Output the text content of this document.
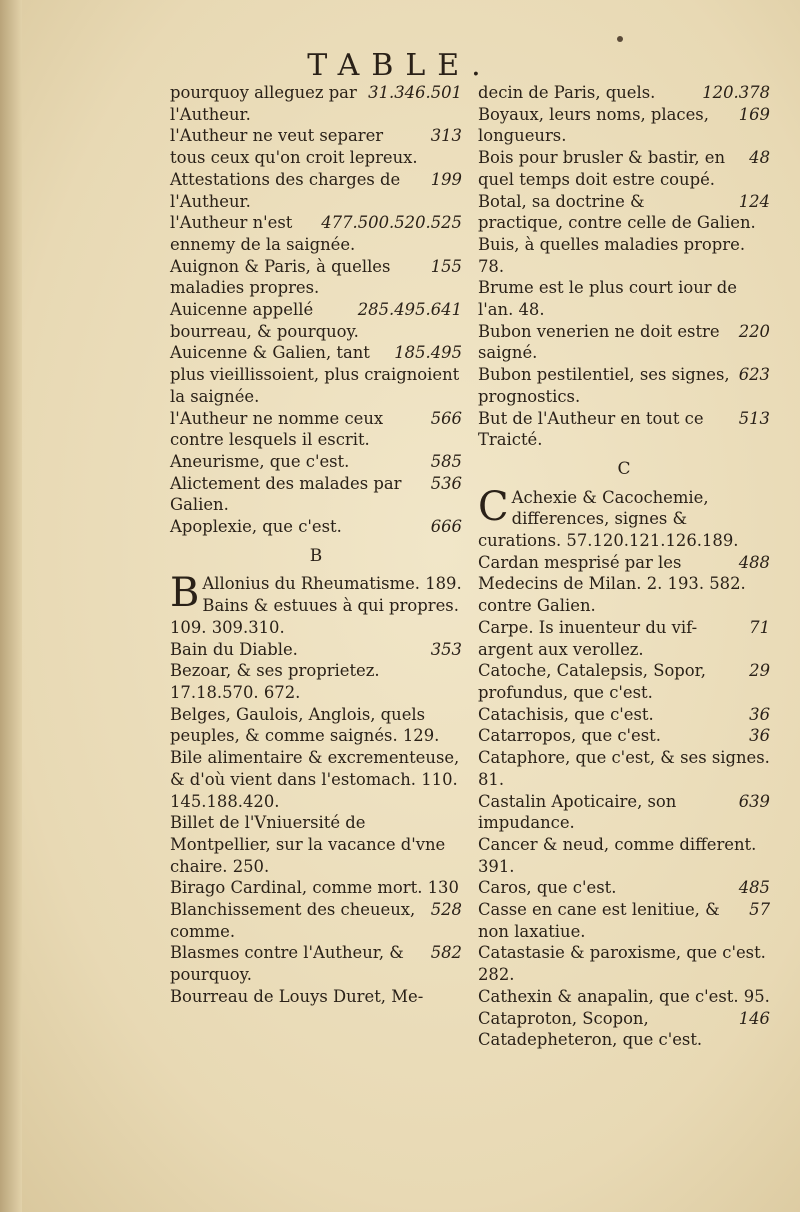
TABLE.
31.346.501
pourquoy alleguez par l'Autheur.
313
l'Autheur ne veut separer tous ceux qu'on croit lepreux.
199
Attestations des charges de l'Autheur.
477.500.520.525
l'Autheur n'est ennemy de la saignée.
155
Auignon & Paris, à quelles maladies propres.
285.495.641
Auicenne appellé bourreau, & pourquoy.
185.495
Auicenne & Galien, tant plus vieillissoient, plus craignoient la saignée.
566
l'Autheur ne nomme ceux contre lesquels il escrit.
585
Aneurisme, que c'est.
536
Alictement des malades par Galien.
666
Apoplexie, que c'est.
B
B Allonius du Rheumatisme. 189.
Bains & estuues à qui propres. 109. 309.310.
353
Bain du Diable.
Bezoar, & ses proprietez. 17.18.570. 672.
Belges, Gaulois, Anglois, quels peuples, & comme saignés. 129.
Bile alimentaire & excrementeuse, & d'où vient dans l'estomach. 110. 145.188.420.
Billet de l'Vniuersité de Montpellier, sur la vacance d'vne chaire. 250.
Birago Cardinal, comme mort. 130
528
Blanchissement des cheueux, comme.
582
Blasmes contre l'Autheur, & pourquoy.
Bourreau de Louys Duret, Me-
120.378
decin de Paris, quels.
169
Boyaux, leurs noms, places, longueurs.
48
Bois pour brusler & bastir, en quel temps doit estre coupé.
124
Botal, sa doctrine & practique, contre celle de Galien.
Buis, à quelles maladies propre. 78.
Brume est le plus court iour de l'an. 48.
220
Bubon venerien ne doit estre saigné.
623
Bubon pestilentiel, ses signes, prognostics.
513
But de l'Autheur en tout ce Traicté.
C
C Achexie & Cacochemie, differences, signes & curations. 57.120.121.126.189.
488
Cardan mesprisé par les Medecins de Milan. 2. 193. 582. contre Galien.
71
Carpe. Is inuenteur du vif-argent aux verollez.
29
Catoche, Catalepsis, Sopor, profundus, que c'est.
36
Catachisis, que c'est.
36
Catarropos, que c'est.
Cataphore, que c'est, & ses signes. 81.
639
Castalin Apoticaire, son impudance.
Cancer & neud, comme different. 391.
485
Caros, que c'est.
57
Casse en cane est lenitiue, & non laxatiue.
Catastasie & paroxisme, que c'est. 282.
Cathexin & anapalin, que c'est. 95.
146
Cataproton, Scopon, Catadepheteron, que c'est.
